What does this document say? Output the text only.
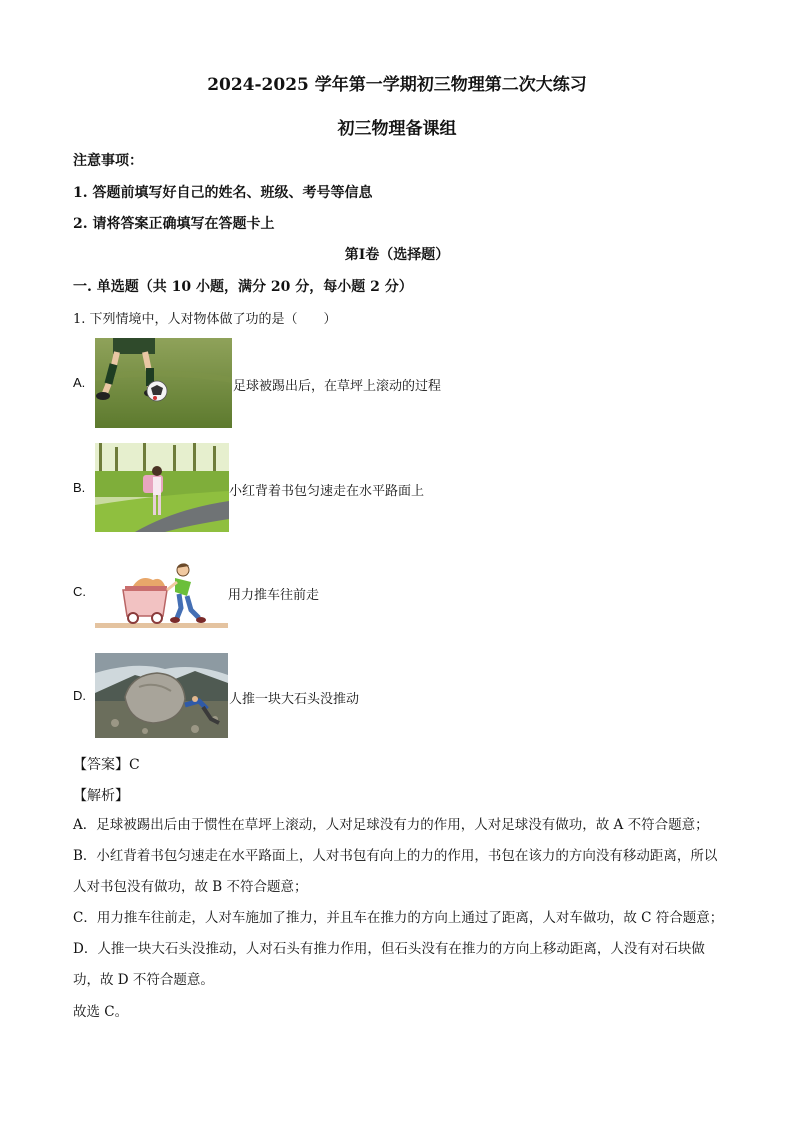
2024-2025 学年第一学期初三物理第二次大练习
初三物理备课组
注意事项：
1. 答题前填写好自己的姓名、班级、考号等信息
2. 请将答案正确填写在答题卡上
第Ⅰ卷（选择题）
一. 单选题（共 10 小题，满分 20 分，每小题 2 分）
1. 下列情境中，人对物体做了功的是（　　）
A.	足球被踢出后，在草坪上滚动的过程
B.	小红背着书包匀速走在水平路面上
C.	用力推车往前走
D.	人推一块大石头没推动
【答案】C
【解析】
A．足球被踢出后由于惯性在草坪上滚动，人对足球没有力的作用，人对足球没有做功，故 A 不符合题意；
B．小红背着书包匀速走在水平路面上，人对书包有向上的力的作用，书包在该力的方向没有移动距离，所以人对书包没有做功，故 B 不符合题意；
C．用力推车往前走，人对车施加了推力，并且车在推力的方向上通过了距离，人对车做功，故 C 符合题意；
D．人推一块大石头没推动，人对石头有推力作用，但石头没有在推力的方向上移动距离，人没有对石块做功，故 D 不符合题意。
故选 C。
